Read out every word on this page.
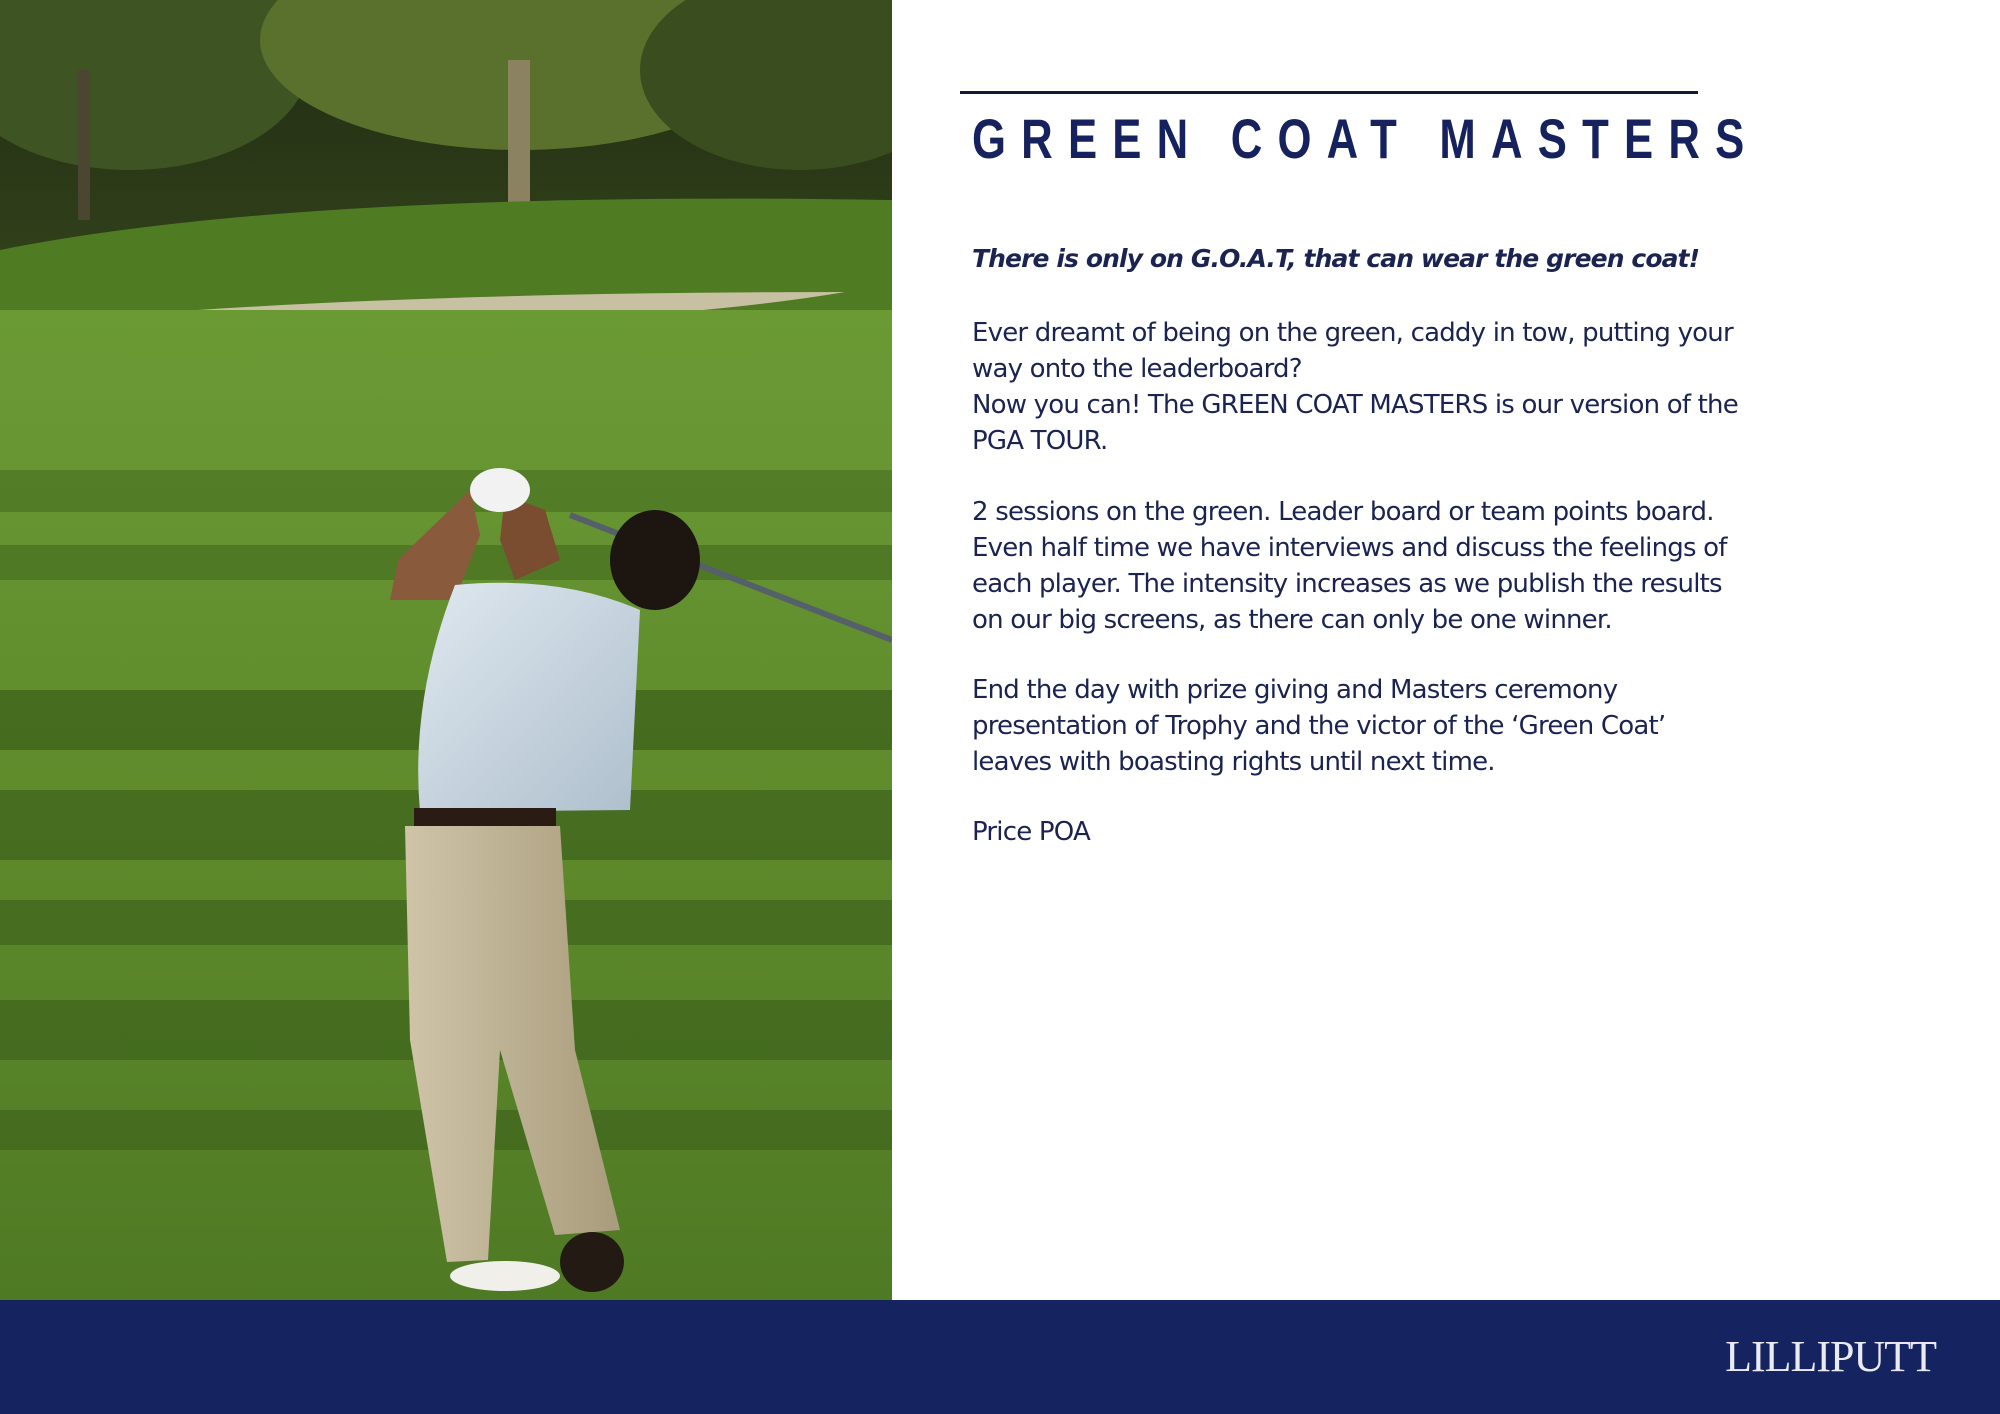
GREEN COAT MASTERS

There is only on G.O.A.T, that can wear the green coat!

Ever dreamt of being on the green, caddy in tow, putting your
way onto the leaderboard?
Now you can! The GREEN COAT MASTERS is our version of the
PGA TOUR.

2 sessions on the green. Leader board or team points board.
Even half time we have interviews and discuss the feelings of
each player. The intensity increases as we publish the results
on our big screens, as there can only be one winner.

End the day with prize giving and Masters ceremony
presentation of Trophy and the victor of the ‘Green Coat’
leaves with boasting rights until next time.

Price POA

LILLIPUTT
